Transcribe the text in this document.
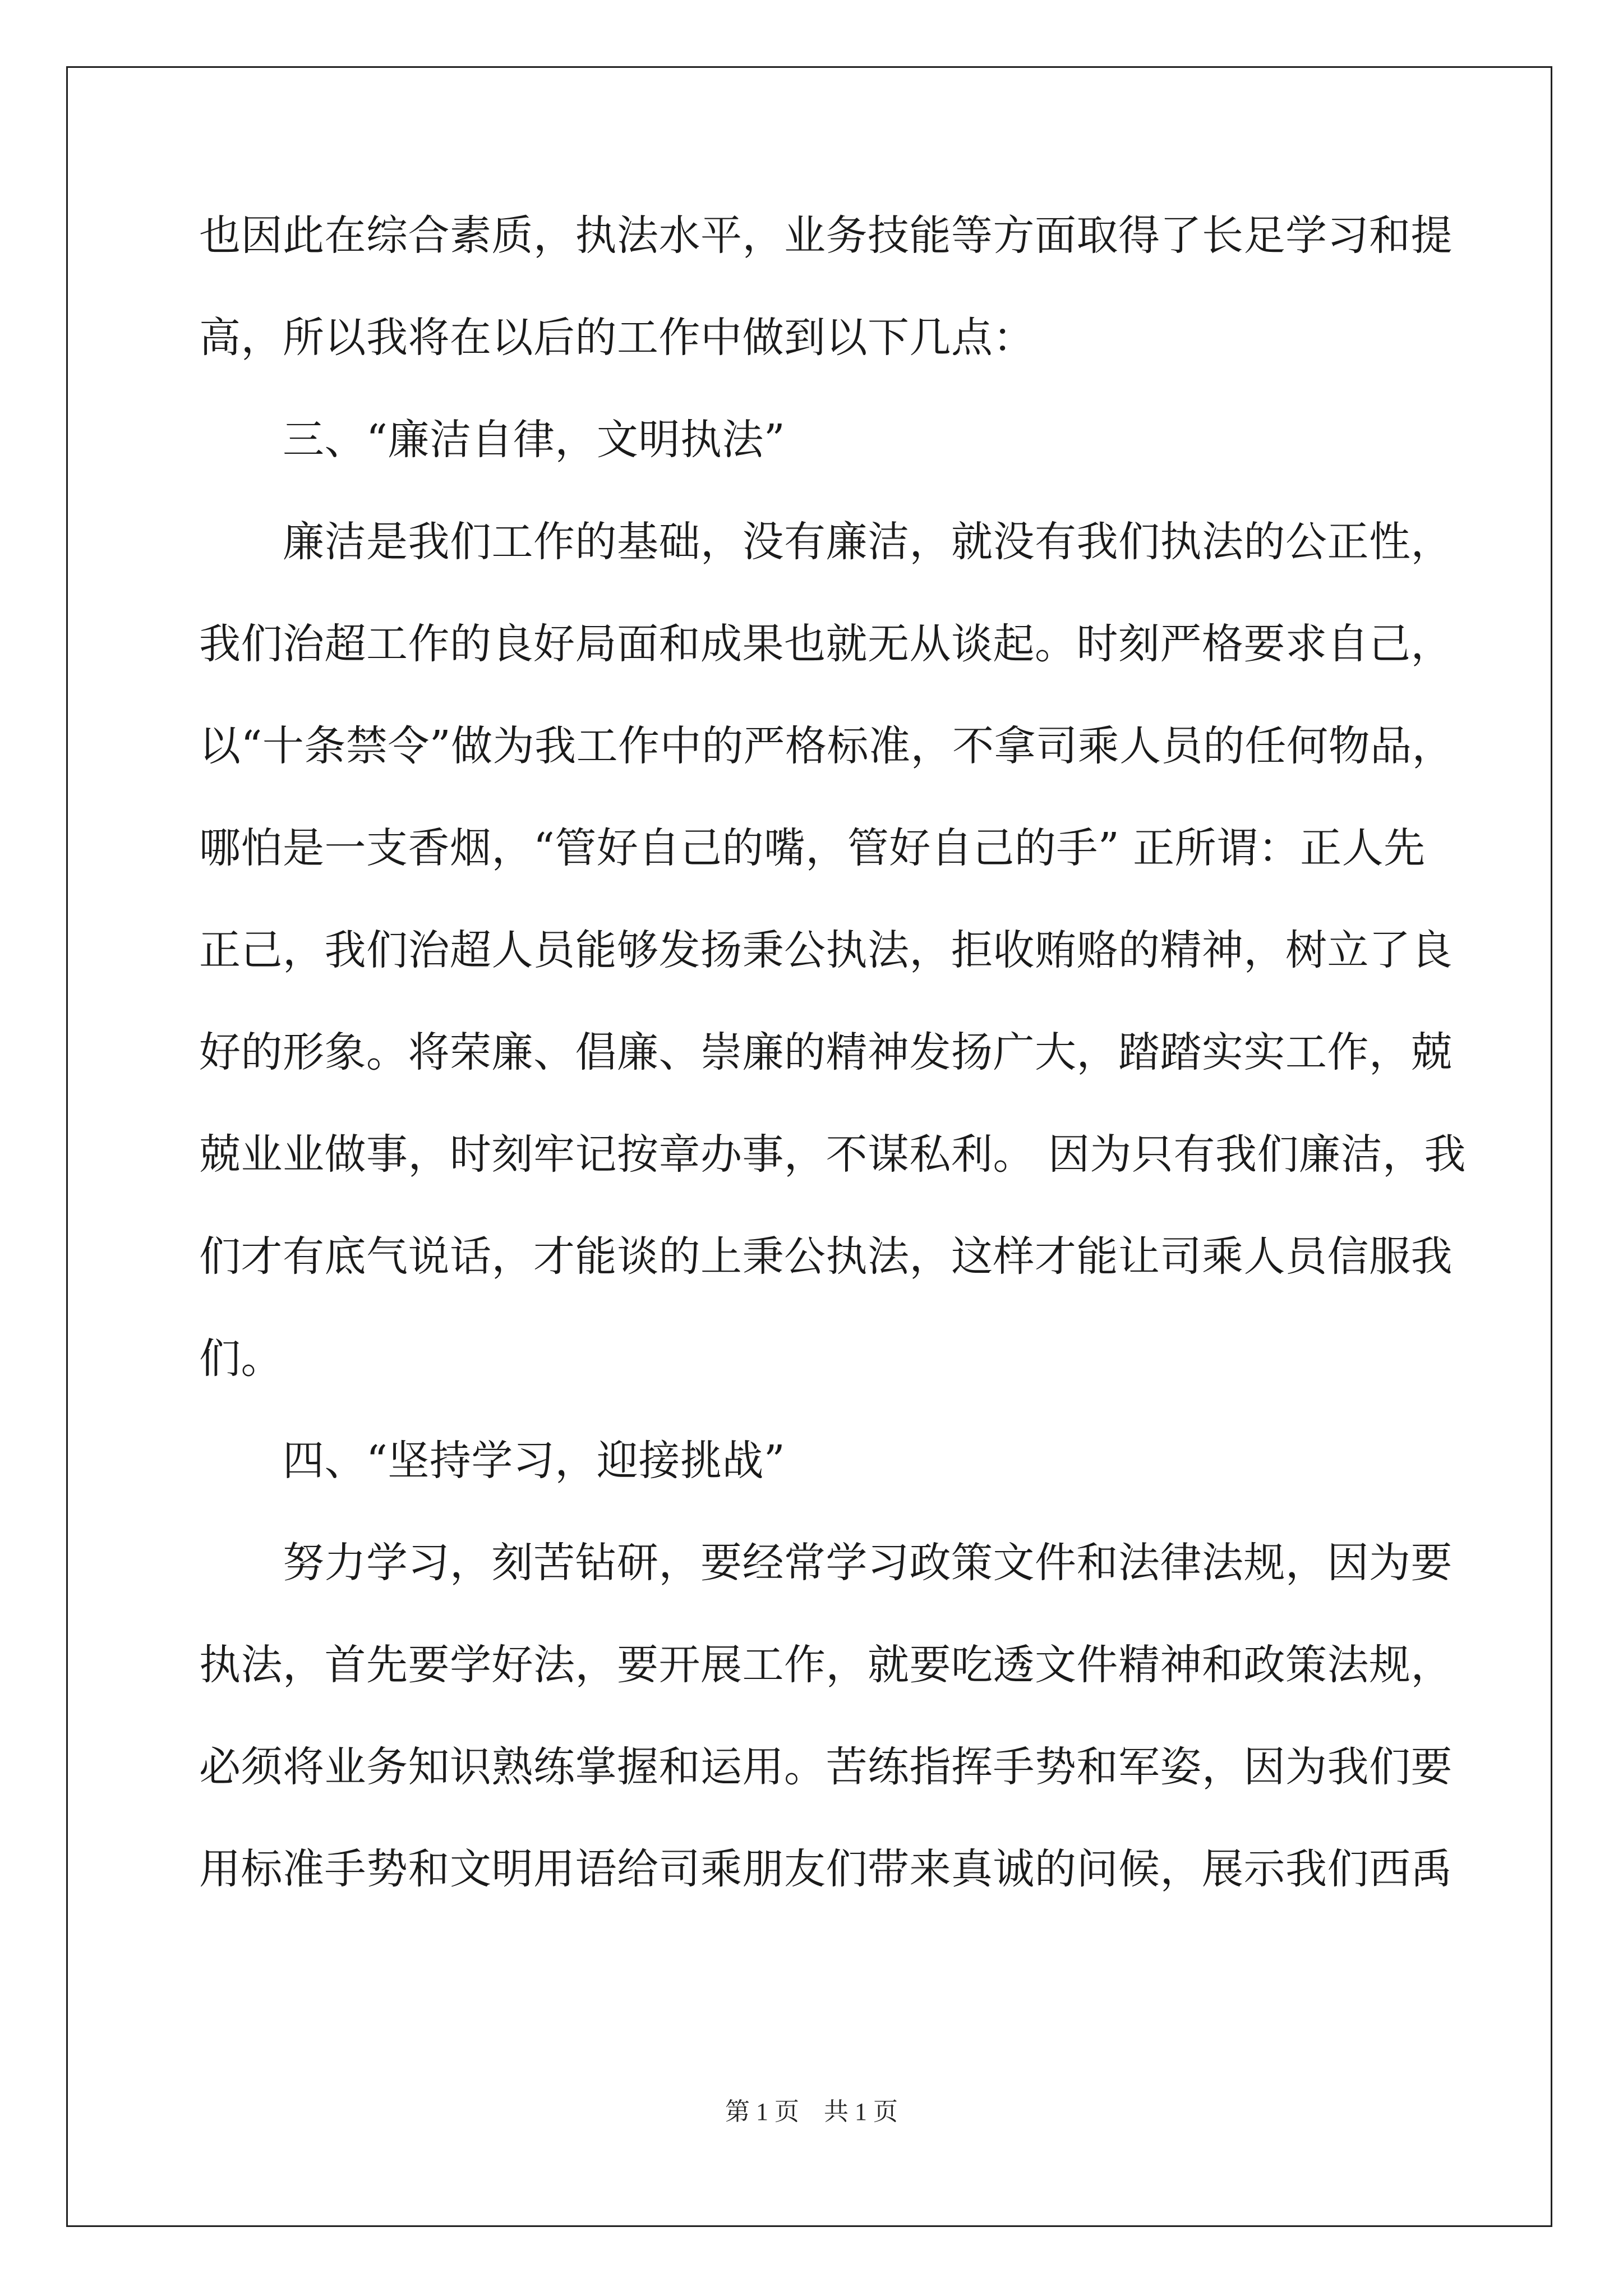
也因此在综合素质，执法水平，业务技能等方面取得了长足学习和提
高，所以我将在以后的工作中做到以下几点：
　　三、“廉洁自律，文明执法”
　　廉洁是我们工作的基础，没有廉洁，就没有我们执法的公正性，
我们治超工作的良好局面和成果也就无从谈起。时刻严格要求自己，
以“十条禁令”做为我工作中的严格标准，不拿司乘人员的任何物品，
哪怕是一支香烟，“管好自己的嘴，管好自己的手” 正所谓：正人先
正己，我们治超人员能够发扬秉公执法，拒收贿赂的精神，树立了良
好的形象。将荣廉、倡廉、崇廉的精神发扬广大，踏踏实实工作，兢
兢业业做事，时刻牢记按章办事，不谋私利。 因为只有我们廉洁，我
们才有底气说话，才能谈的上秉公执法，这样才能让司乘人员信服我
们。
　　四、“坚持学习，迎接挑战”
　　努力学习，刻苦钻研，要经常学习政策文件和法律法规，因为要
执法，首先要学好法，要开展工作，就要吃透文件精神和政策法规，
必须将业务知识熟练掌握和运用。苦练指挥手势和军姿，因为我们要
用标准手势和文明用语给司乘朋友们带来真诚的问候，展示我们西禹
第 1 页　共 1 页
